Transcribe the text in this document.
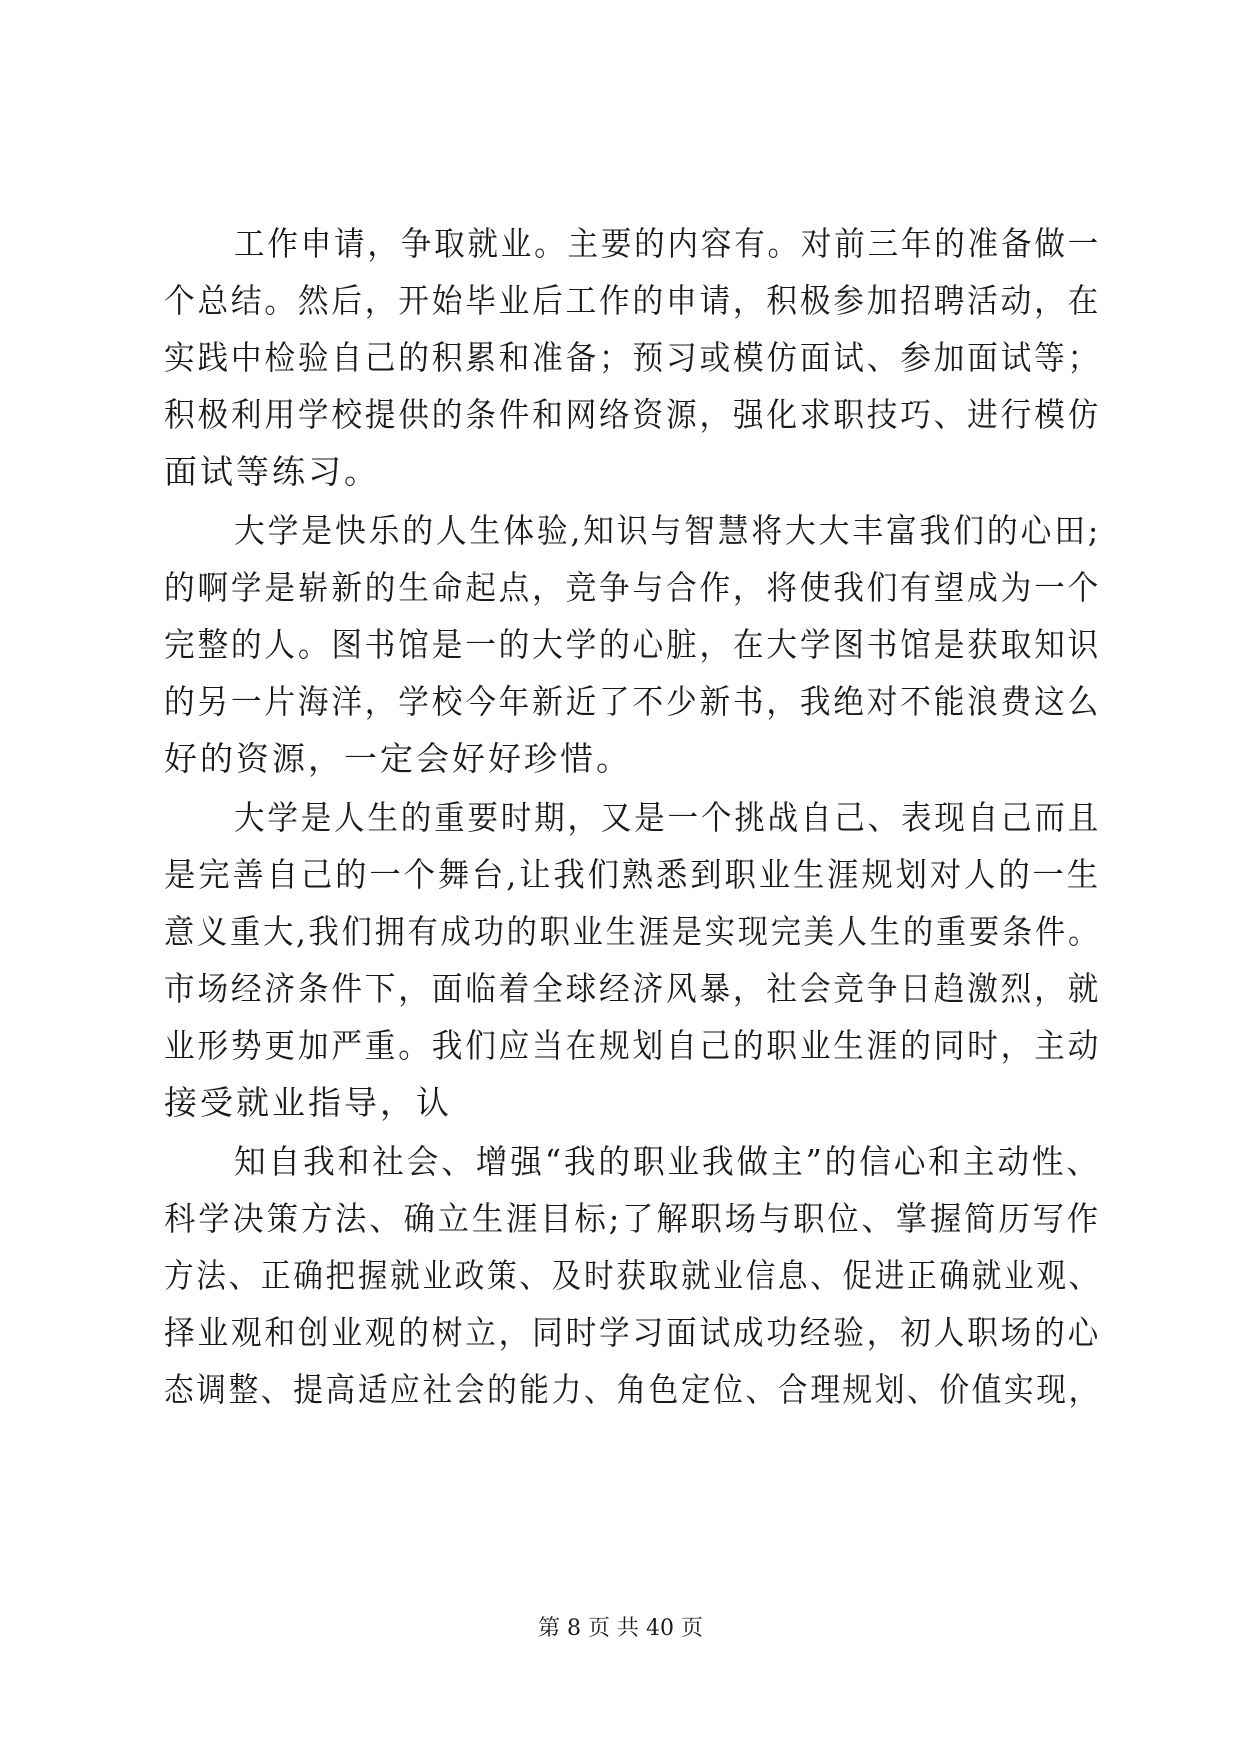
工作申请，争取就业。主要的内容有。对前三年的准备做一
个总结。然后，开始毕业后工作的申请，积极参加招聘活动，在
实践中检验自己的积累和准备；预习或模仿面试、参加面试等；
积极利用学校提供的条件和网络资源，强化求职技巧、进行模仿
面试等练习。
大学是快乐的人生体验,知识与智慧将大大丰富我们的心田;
的啊学是崭新的生命起点，竞争与合作，将使我们有望成为一个
完整的人。图书馆是一的大学的心脏，在大学图书馆是获取知识
的另一片海洋，学校今年新近了不少新书，我绝对不能浪费这么
好的资源，一定会好好珍惜。
大学是人生的重要时期，又是一个挑战自己、表现自己而且
是完善自己的一个舞台,让我们熟悉到职业生涯规划对人的一生
意义重大,我们拥有成功的职业生涯是实现完美人生的重要条件。
市场经济条件下，面临着全球经济风暴，社会竞争日趋激烈，就
业形势更加严重。我们应当在规划自己的职业生涯的同时，主动
接受就业指导，认
知自我和社会、增强“我的职业我做主”的信心和主动性、
科学决策方法、确立生涯目标;了解职场与职位、掌握简历写作
方法、正确把握就业政策、及时获取就业信息、促进正确就业观、
择业观和创业观的树立，同时学习面试成功经验，初人职场的心
态调整、提高适应社会的能力、角色定位、合理规划、价值实现，
第 8 页 共 40 页
